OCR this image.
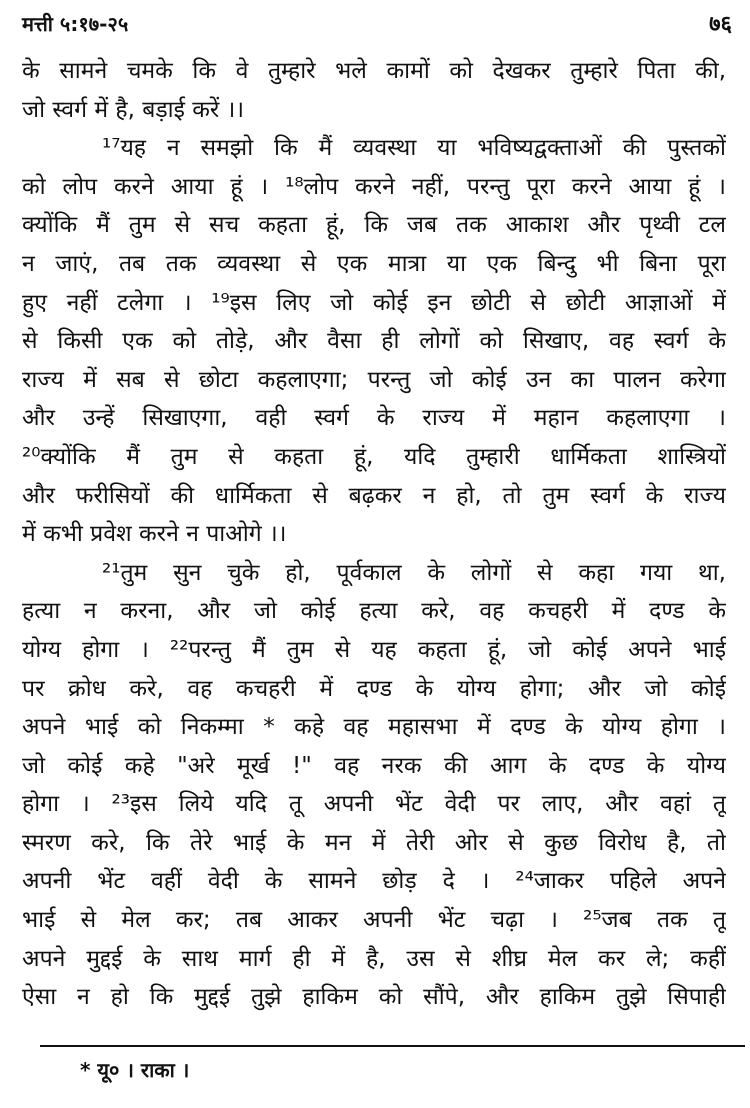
मत्ती ५:१७-२५	७६
के सामने चमके कि वे तुम्हारे भले कामों को देखकर तुम्हारे पिता की,
जो स्वर्ग में है, बड़ाई करें ।।
¹⁷यह न समझो कि मैं व्यवस्था या भविष्यद्वक्ताओं की पुस्तकों
को लोप करने आया हूं । ¹⁸लोप करने नहीं, परन्तु पूरा करने आया हूं ।
क्योंकि मैं तुम से सच कहता हूं, कि जब तक आकाश और पृथ्वी टल
न जाएं, तब तक व्यवस्था से एक मात्रा या एक बिन्दु भी बिना पूरा
हुए नहीं टलेगा । ¹⁹इस लिए जो कोई इन छोटी से छोटी आज्ञाओं में
से किसी एक को तोड़े, और वैसा ही लोगों को सिखाए, वह स्वर्ग के
राज्य में सब से छोटा कहलाएगा; परन्तु जो कोई उन का पालन करेगा
और उन्हें सिखाएगा, वही स्वर्ग के राज्य में महान कहलाएगा ।
²⁰क्योंकि मैं तुम से कहता हूं, यदि तुम्हारी धार्मिकता शास्त्रियों
और फरीसियों की धार्मिकता से बढ़कर न हो, तो तुम स्वर्ग के राज्य
में कभी प्रवेश करने न पाओगे ।।
²¹तुम सुन चुके हो, पूर्वकाल के लोगों से कहा गया था,
हत्या न करना, और जो कोई हत्या करे, वह कचहरी में दण्ड के
योग्य होगा । ²²परन्तु मैं तुम से यह कहता हूं, जो कोई अपने भाई
पर क्रोध करे, वह कचहरी में दण्ड के योग्य होगा; और जो कोई
अपने भाई को निकम्मा * कहे वह महासभा में दण्ड के योग्य होगा ।
जो कोई कहे "अरे मूर्ख !" वह नरक की आग के दण्ड के योग्य
होगा । ²³इस लिये यदि तू अपनी भेंट वेदी पर लाए, और वहां तू
स्मरण करे, कि तेरे भाई के मन में तेरी ओर से कुछ विरोध है, तो
अपनी भेंट वहीं वेदी के सामने छोड़ दे । ²⁴जाकर पहिले अपने
भाई से मेल कर; तब आकर अपनी भेंट चढ़ा । ²⁵जब तक तू
अपने मुद्दई के साथ मार्ग ही में है, उस से शीघ्र मेल कर ले; कहीं
ऐसा न हो कि मुद्दई तुझे हाकिम को सौंपे, और हाकिम तुझे सिपाही
* यू० । राका ।
